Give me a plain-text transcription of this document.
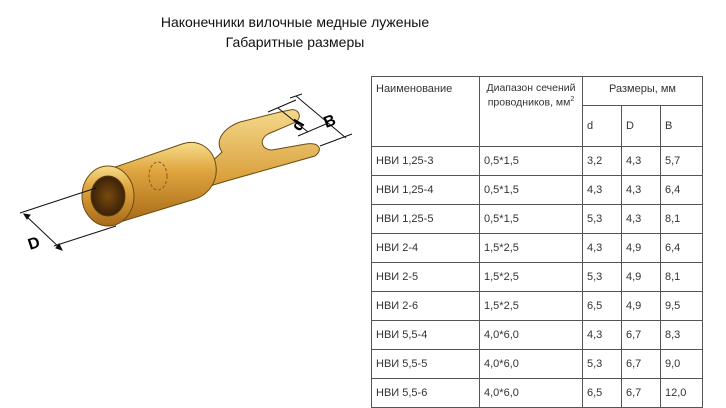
Наконечники вилочные медные луженые
Габаритные размеры
D
d B
Наименование	Диапазон сечений проводников, $мм^2$	Размеры, мм		
		d	D	B
НВИ 1,25-3	0,5*1,5	3,2	4,3	5,7
НВИ 1,25-4	0,5*1,5	4,3	4,3	6,4
НВИ 1,25-5	0,5*1,5	5,3	4,3	8,1
НВИ 2-4	1,5*2,5	4,3	4,9	6,4
НВИ 2-5	1,5*2,5	5,3	4,9	8,1
НВИ 2-6	1,5*2,5	6,5	4,9	9,5
НВИ 5,5-4	4,0*6,0	4,3	6,7	8,3
НВИ 5,5-5	4,0*6,0	5,3	6,7	9,0
НВИ 5,5-6	4,0*6,0	6,5	6,7	12,0
